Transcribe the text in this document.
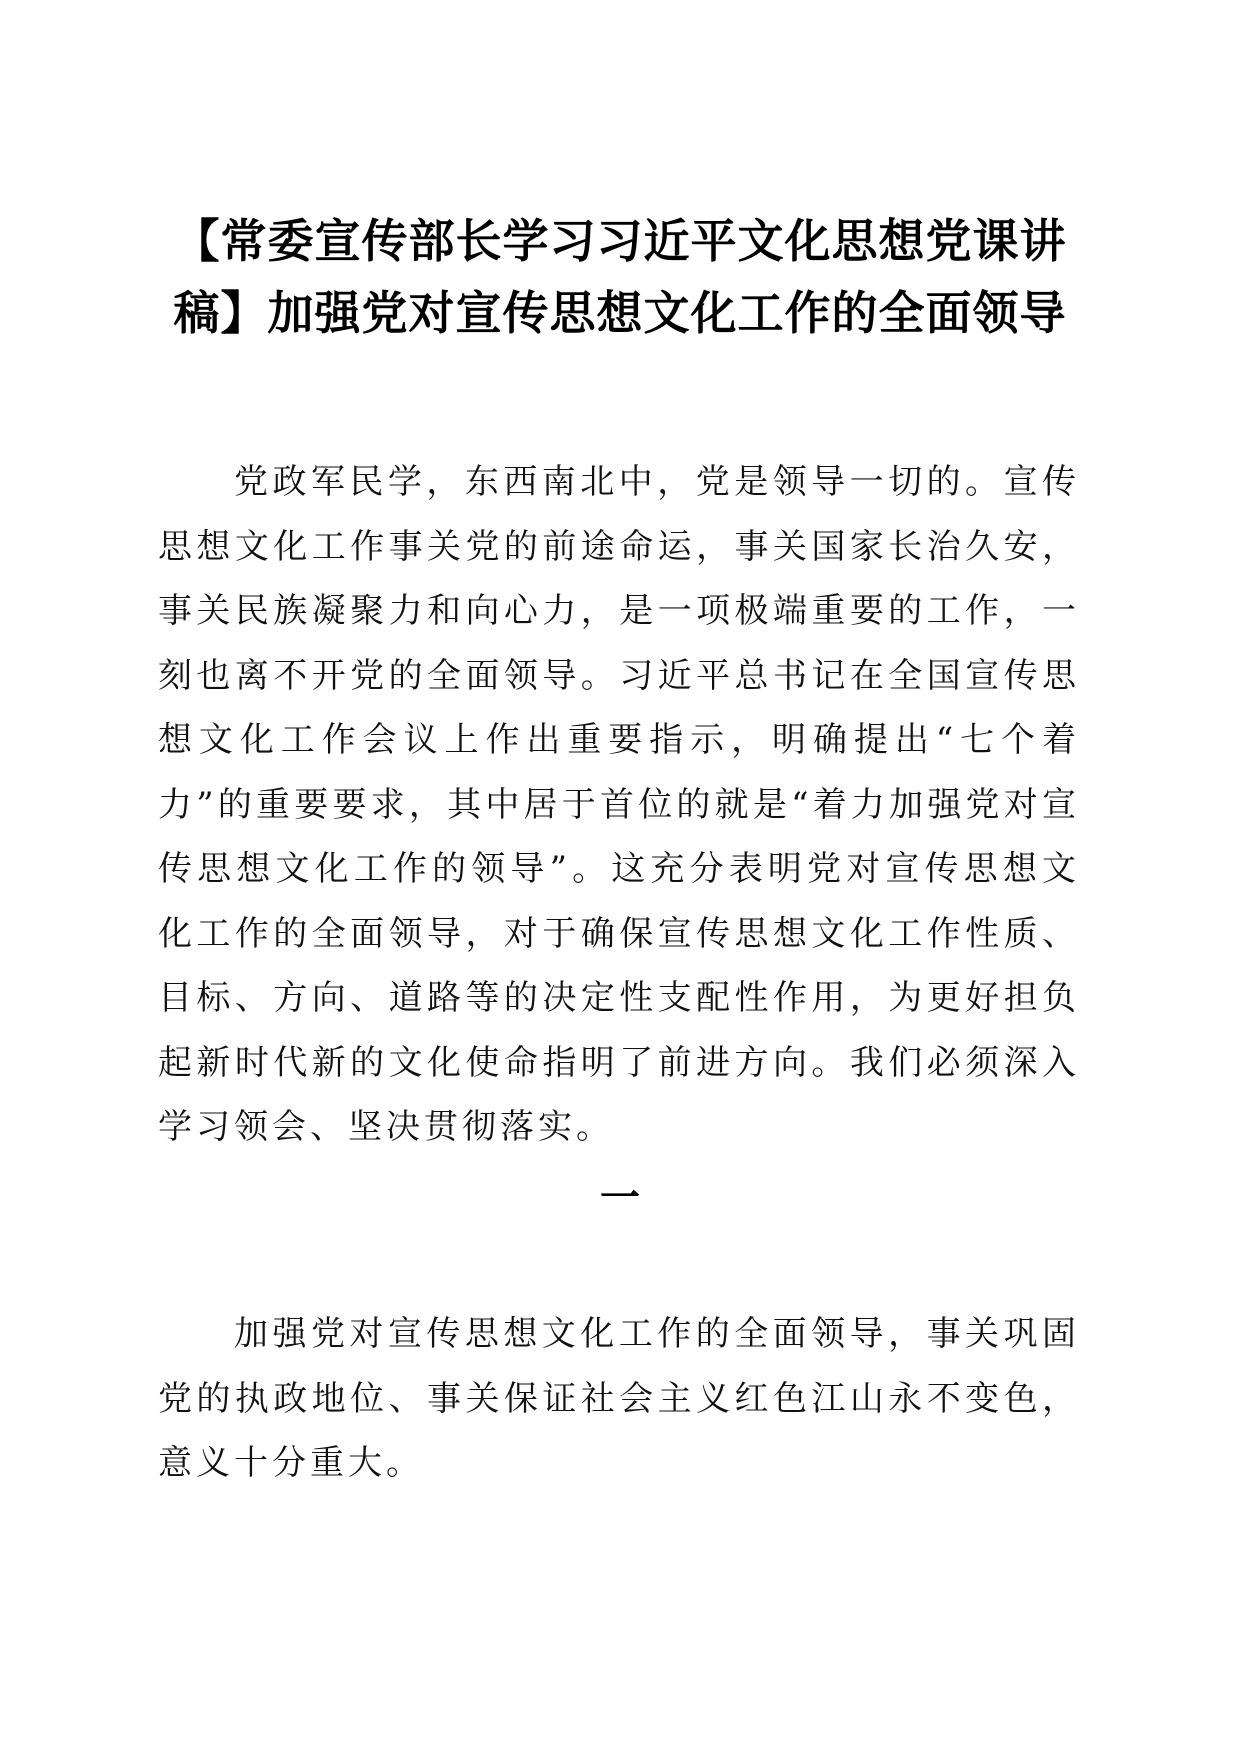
【常委宣传部长学习习近平文化思想党课讲稿】加强党对宣传思想文化工作的全面领导

党政军民学，东西南北中，党是领导一切的。宣传思想文化工作事关党的前途命运，事关国家长治久安，事关民族凝聚力和向心力，是一项极端重要的工作，一刻也离不开党的全面领导。习近平总书记在全国宣传思想文化工作会议上作出重要指示，明确提出“七个着力”的重要要求，其中居于首位的就是“着力加强党对宣传思想文化工作的领导”。这充分表明党对宣传思想文化工作的全面领导，对于确保宣传思想文化工作性质、目标、方向、道路等的决定性支配性作用，为更好担负起新时代新的文化使命指明了前进方向。我们必须深入学习领会、坚决贯彻落实。

一

加强党对宣传思想文化工作的全面领导，事关巩固党的执政地位、事关保证社会主义红色江山永不变色，意义十分重大。
